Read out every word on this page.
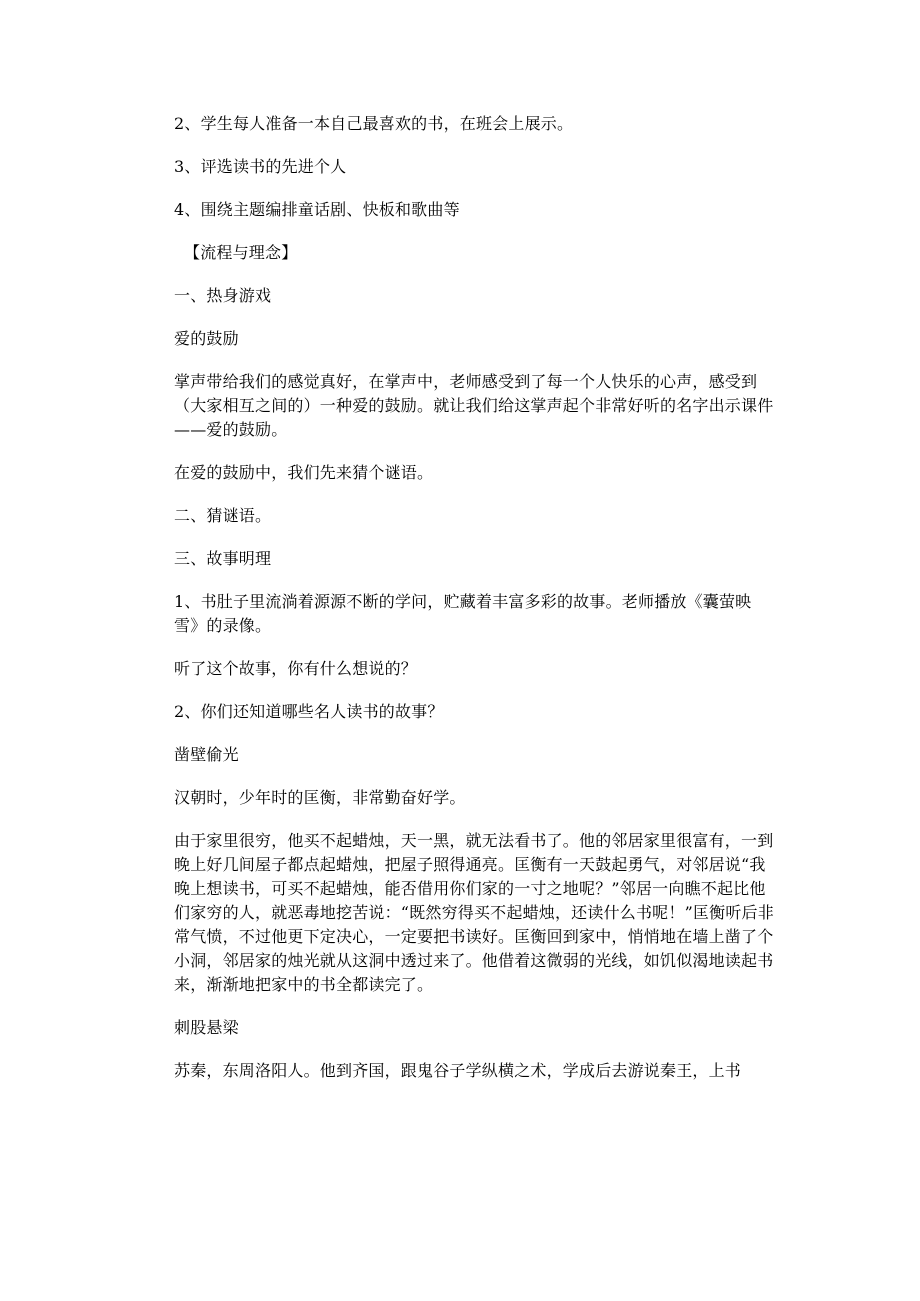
2、学生每人准备一本自己最喜欢的书，在班会上展示。

3、评选读书的先进个人

4、围绕主题编排童话剧、快板和歌曲等

【流程与理念】

一、热身游戏

爱的鼓励

掌声带给我们的感觉真好，在掌声中，老师感受到了每一个人快乐的心声，感受到（大家相互之间的）一种爱的鼓励。就让我们给这掌声起个非常好听的名字出示课件——爱的鼓励。

在爱的鼓励中，我们先来猜个谜语。

二、猜谜语。

三、故事明理

1、书肚子里流淌着源源不断的学问，贮藏着丰富多彩的故事。老师播放《囊萤映雪》的录像。

听了这个故事，你有什么想说的？

2、你们还知道哪些名人读书的故事？

凿壁偷光

汉朝时，少年时的匡衡，非常勤奋好学。

由于家里很穷，他买不起蜡烛，天一黑，就无法看书了。他的邻居家里很富有，一到晚上好几间屋子都点起蜡烛，把屋子照得通亮。匡衡有一天鼓起勇气，对邻居说“我晚上想读书，可买不起蜡烛，能否借用你们家的一寸之地呢？”邻居一向瞧不起比他们家穷的人，就恶毒地挖苦说：“既然穷得买不起蜡烛，还读什么书呢！”匡衡听后非常气愤，不过他更下定决心，一定要把书读好。匡衡回到家中，悄悄地在墙上凿了个小洞，邻居家的烛光就从这洞中透过来了。他借着这微弱的光线，如饥似渴地读起书来，渐渐地把家中的书全都读完了。

刺股悬梁

苏秦，东周洛阳人。他到齐国，跟鬼谷子学纵横之术，学成后去游说秦王，上书
